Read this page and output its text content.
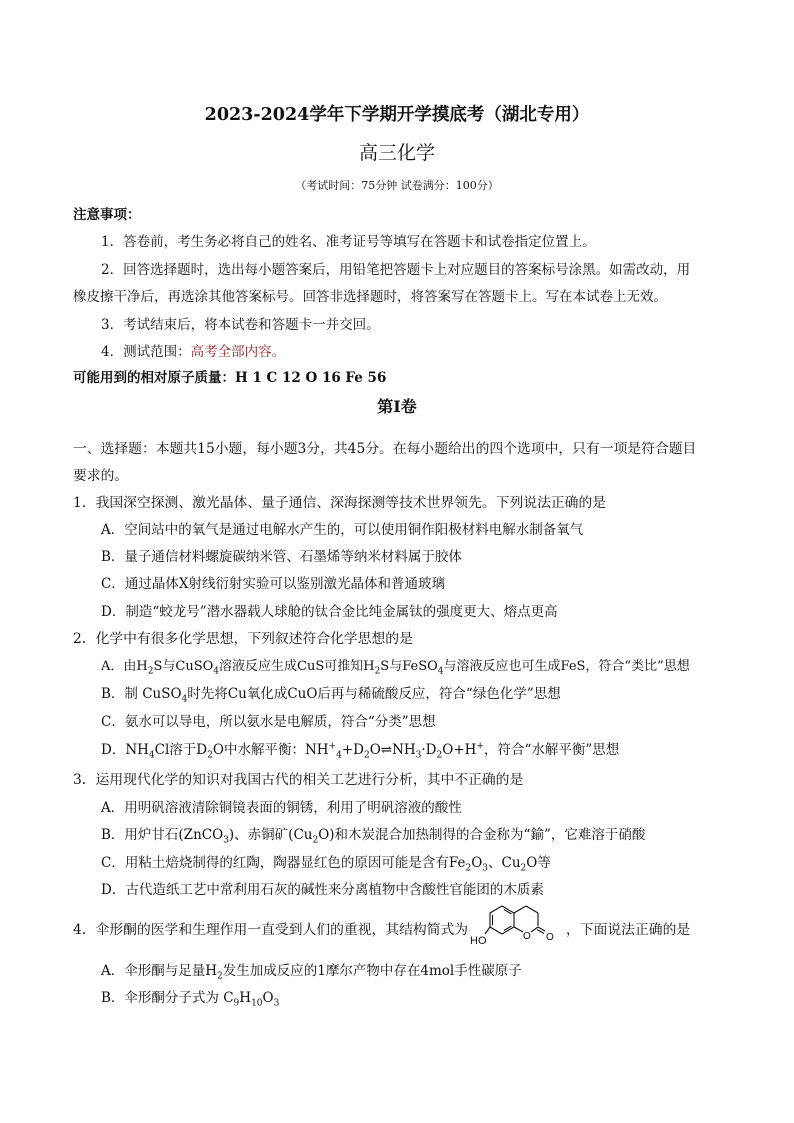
2023-2024学年下学期开学摸底考（湖北专用）
高三化学
（考试时间：75分钟 试卷满分：100分）
注意事项：
1．答卷前，考生务必将自己的姓名、准考证号等填写在答题卡和试卷指定位置上。
2．回答选择题时，选出每小题答案后，用铅笔把答题卡上对应题目的答案标号涂黑。如需改动，用
橡皮擦干净后，再选涂其他答案标号。回答非选择题时，将答案写在答题卡上。写在本试卷上无效。
3．考试结束后，将本试卷和答题卡一并交回。
4．测试范围：高考全部内容。
可能用到的相对原子质量：H 1 C 12 O 16 Fe 56
第Ⅰ卷
一、选择题：本题共15小题，每小题3分，共45分。在每小题给出的四个选项中，只有一项是符合题目
要求的。
1．我国深空探测、激光晶体、量子通信、深海探测等技术世界领先。下列说法正确的是
A．空间站中的氧气是通过电解水产生的，可以使用铜作阳极材料电解水制备氧气
B．量子通信材料螺旋碳纳米管、石墨烯等纳米材料属于胶体
C．通过晶体X射线衍射实验可以鉴别激光晶体和普通玻璃
D．制造“蛟龙号”潜水器载人球舱的钛合金比纯金属钛的强度更大、熔点更高
2．化学中有很多化学思想，下列叙述符合化学思想的是
A．由$H_2S$与CuSO$_4$溶液反应生成CuS可推知$H_2S$与FeSO$_4$与溶液反应也可生成FeS，符合“类比”思想
B．制 CuSO$_4$时先将Cu氧化成CuO后再与稀硫酸反应，符合“绿色化学”思想
C．氨水可以导电，所以氨水是电解质，符合“分类”思想
D．$NH_4Cl$溶于$D_2O$中水解平衡：$NH^+_4+D_2O\rightleftharpoons NH_3\cdot D_2O+H^+$，符合“水解平衡”思想
3．运用现代化学的知识对我国古代的相关工艺进行分析，其中不正确的是
A．用明矾溶液清除铜镜表面的铜锈，利用了明矾溶液的酸性
B．用炉甘石(ZnCO$_3$)、赤铜矿$(Cu_2O)$和木炭混合加热制得的合金称为“鍮”，它难溶于硝酸
C．用粘土焙烧制得的红陶，陶器显红色的原因可能是含有$Fe_2O_3$、$Cu_2O$等
D．古代造纸工艺中常利用石灰的碱性来分离植物中含酸性官能团的木质素
4．伞形酮的医学和生理作用一直受到人们的重视，其结构简式为
HO	O O ，下面说法正确的是
A．伞形酮与足量$H_2$发生加成反应的1摩尔产物中存在4mol手性碳原子
B．伞形酮分子式为 $C_9H_{10}O_3$
